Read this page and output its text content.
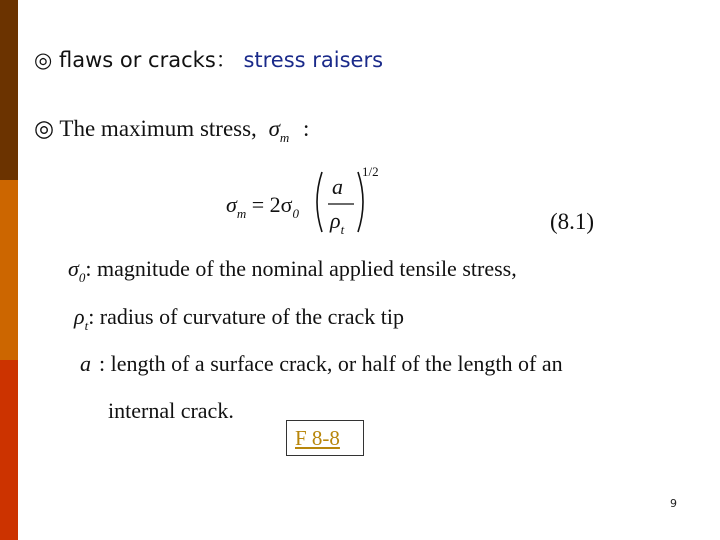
◎ flaws or cracks： stress raisers
◎ The maximum stress, $\sigma_m$ :
$\sigma_m = 2\sigma_0$
a
$\rho_t$
1/2
(8.1)
$\sigma_0$: magnitude of the nominal applied tensile stress,
$\rho_t$: radius of curvature of the crack tip
a : length of a surface crack, or half of the length of an
internal crack.
F 8-8
9
